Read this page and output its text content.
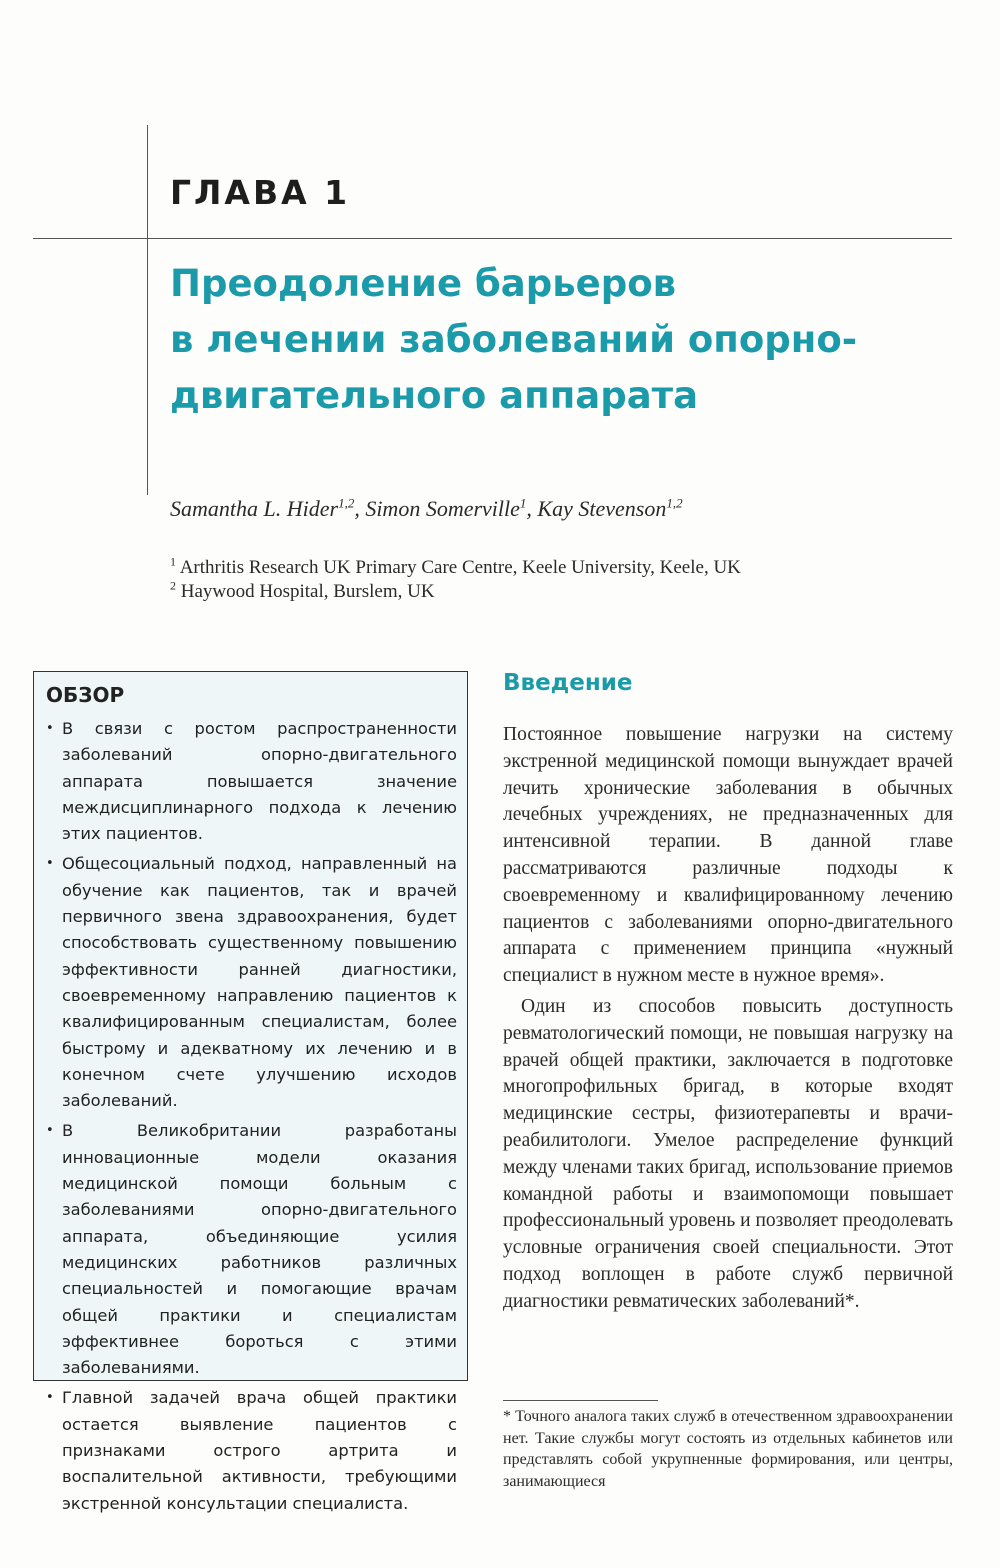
ГЛАВА 1
Преодоление барьеров
в лечении заболеваний опорно-
двигательного аппарата
Samantha L. Hider$^{1,2}$, Simon Somerville$^1$, Kay Stevenson$^{1,2}$
$^1$ Arthritis Research UK Primary Care Centre, Keele University, Keele, UK
$^2$ Haywood Hospital, Burslem, UK
ОБЗОР
• В связи с ростом распространенности заболеваний опорно-двигательного аппарата повышается значение междисциплинарного подхода к лечению этих пациентов.
• Общесоциальный подход, направленный на обучение как пациентов, так и врачей первичного звена здравоохранения, будет способствовать существенному повышению эффективности ранней диагностики, своевременному направлению пациентов к квалифицированным специалистам, более быстрому и адекватному их лечению и в конечном счете улучшению исходов заболеваний.
• В Великобритании разработаны инновационные модели оказания медицинской помощи больным с заболеваниями опорно-двигательного аппарата, объединяющие усилия медицинских работников различных специальностей и помогающие врачам общей практики и специалистам эффективнее бороться с этими заболеваниями.
• Главной задачей врача общей практики остается выявление пациентов с признаками острого артрита и воспалительной активности, требующими экстренной консультации специалиста.
Введение

Постоянное повышение нагрузки на систему экстренной медицинской помощи вынуждает врачей лечить хронические заболевания в обычных лечебных учреждениях, не предназначенных для интенсивной терапии. В данной главе рассматриваются различные подходы к своевременному и квалифицированному лечению пациентов с заболеваниями опорно-двигательного аппарата с применением принципа «нужный специалист в нужном месте в нужное время».

Один из способов повысить доступность ревматологический помощи, не повышая нагрузку на врачей общей практики, заключается в подготовке многопрофильных бригад, в которые входят медицинские сестры, физиотерапевты и врачи-реабилитологи. Умелое распределение функций между членами таких бригад, использование приемов командной работы и взаимопомощи повышает профессиональный уровень и позволяет преодолевать условные ограничения своей специальности. Этот подход воплощен в работе служб первичной диагностики ревматических заболеваний*.

* Точного аналога таких служб в отечественном здравоохранении нет. Такие службы могут состоять из отдельных кабинетов или представлять собой укрупненные формирования, или центры, занимающиеся
